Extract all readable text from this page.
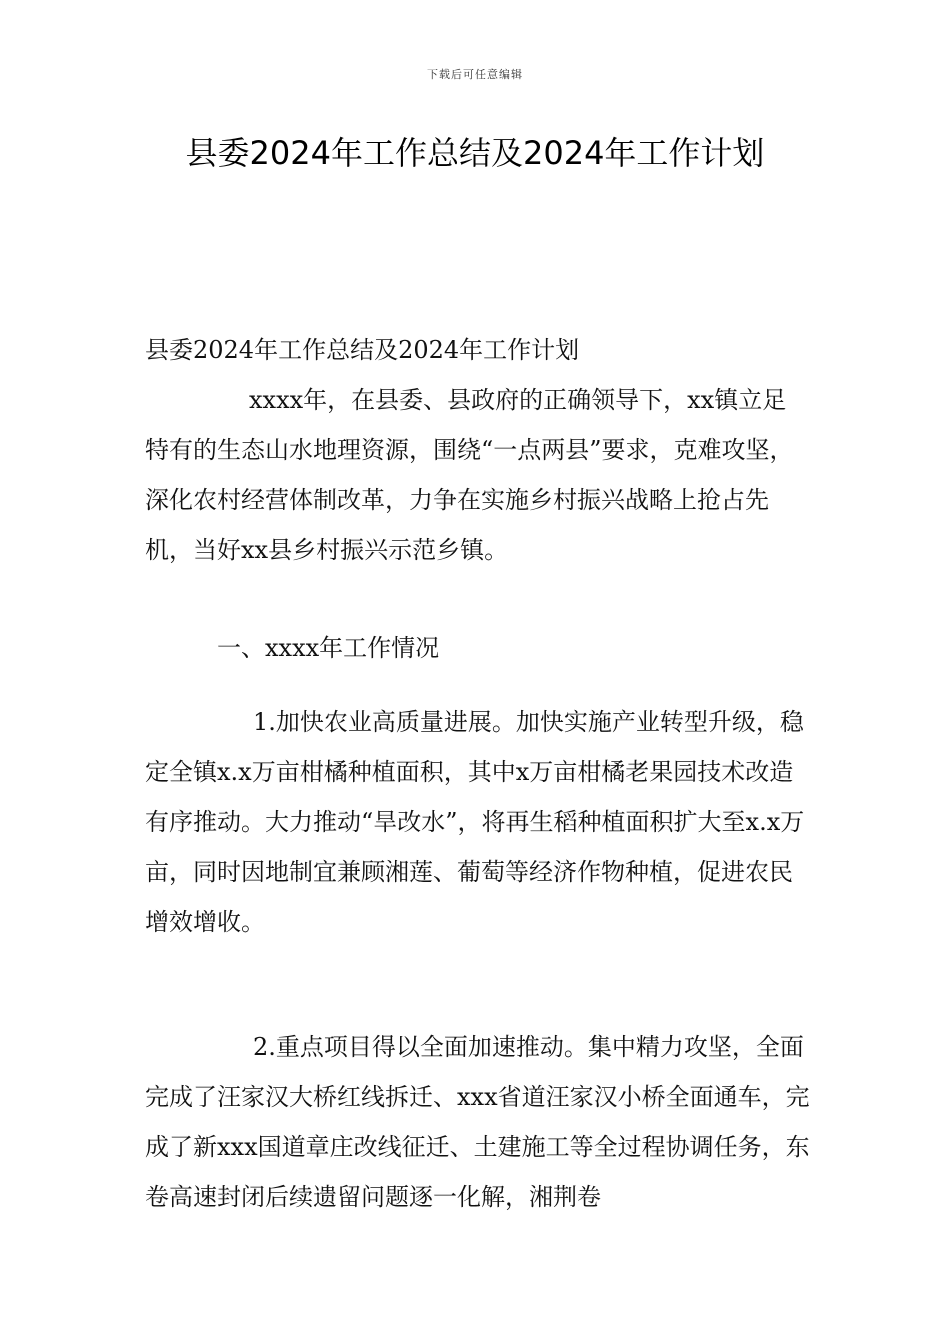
下载后可任意编辑
县委2024年工作总结及2024年工作计划

县委2024年工作总结及2024年工作计划

xxxx年，在县委、县政府的正确领导下，xx镇立足特有的生态山水地理资源，围绕“一点两县”要求，克难攻坚，深化农村经营体制改革，力争在实施乡村振兴战略上抢占先机，当好xx县乡村振兴示范乡镇。

一、xxxx年工作情况

1.加快农业高质量进展。加快实施产业转型升级，稳定全镇x.x万亩柑橘种植面积，其中x万亩柑橘老果园技术改造有序推动。大力推动“旱改水”，将再生稻种植面积扩大至x.x万亩，同时因地制宜兼顾湘莲、葡萄等经济作物种植，促进农民增效增收。

2.重点项目得以全面加速推动。集中精力攻坚，全面完成了汪家汉大桥红线拆迁、xxx省道汪家汉小桥全面通车，完成了新xxx国道章庄改线征迁、土建施工等全过程协调任务，东卷高速封闭后续遗留问题逐一化解，湘荆卷
